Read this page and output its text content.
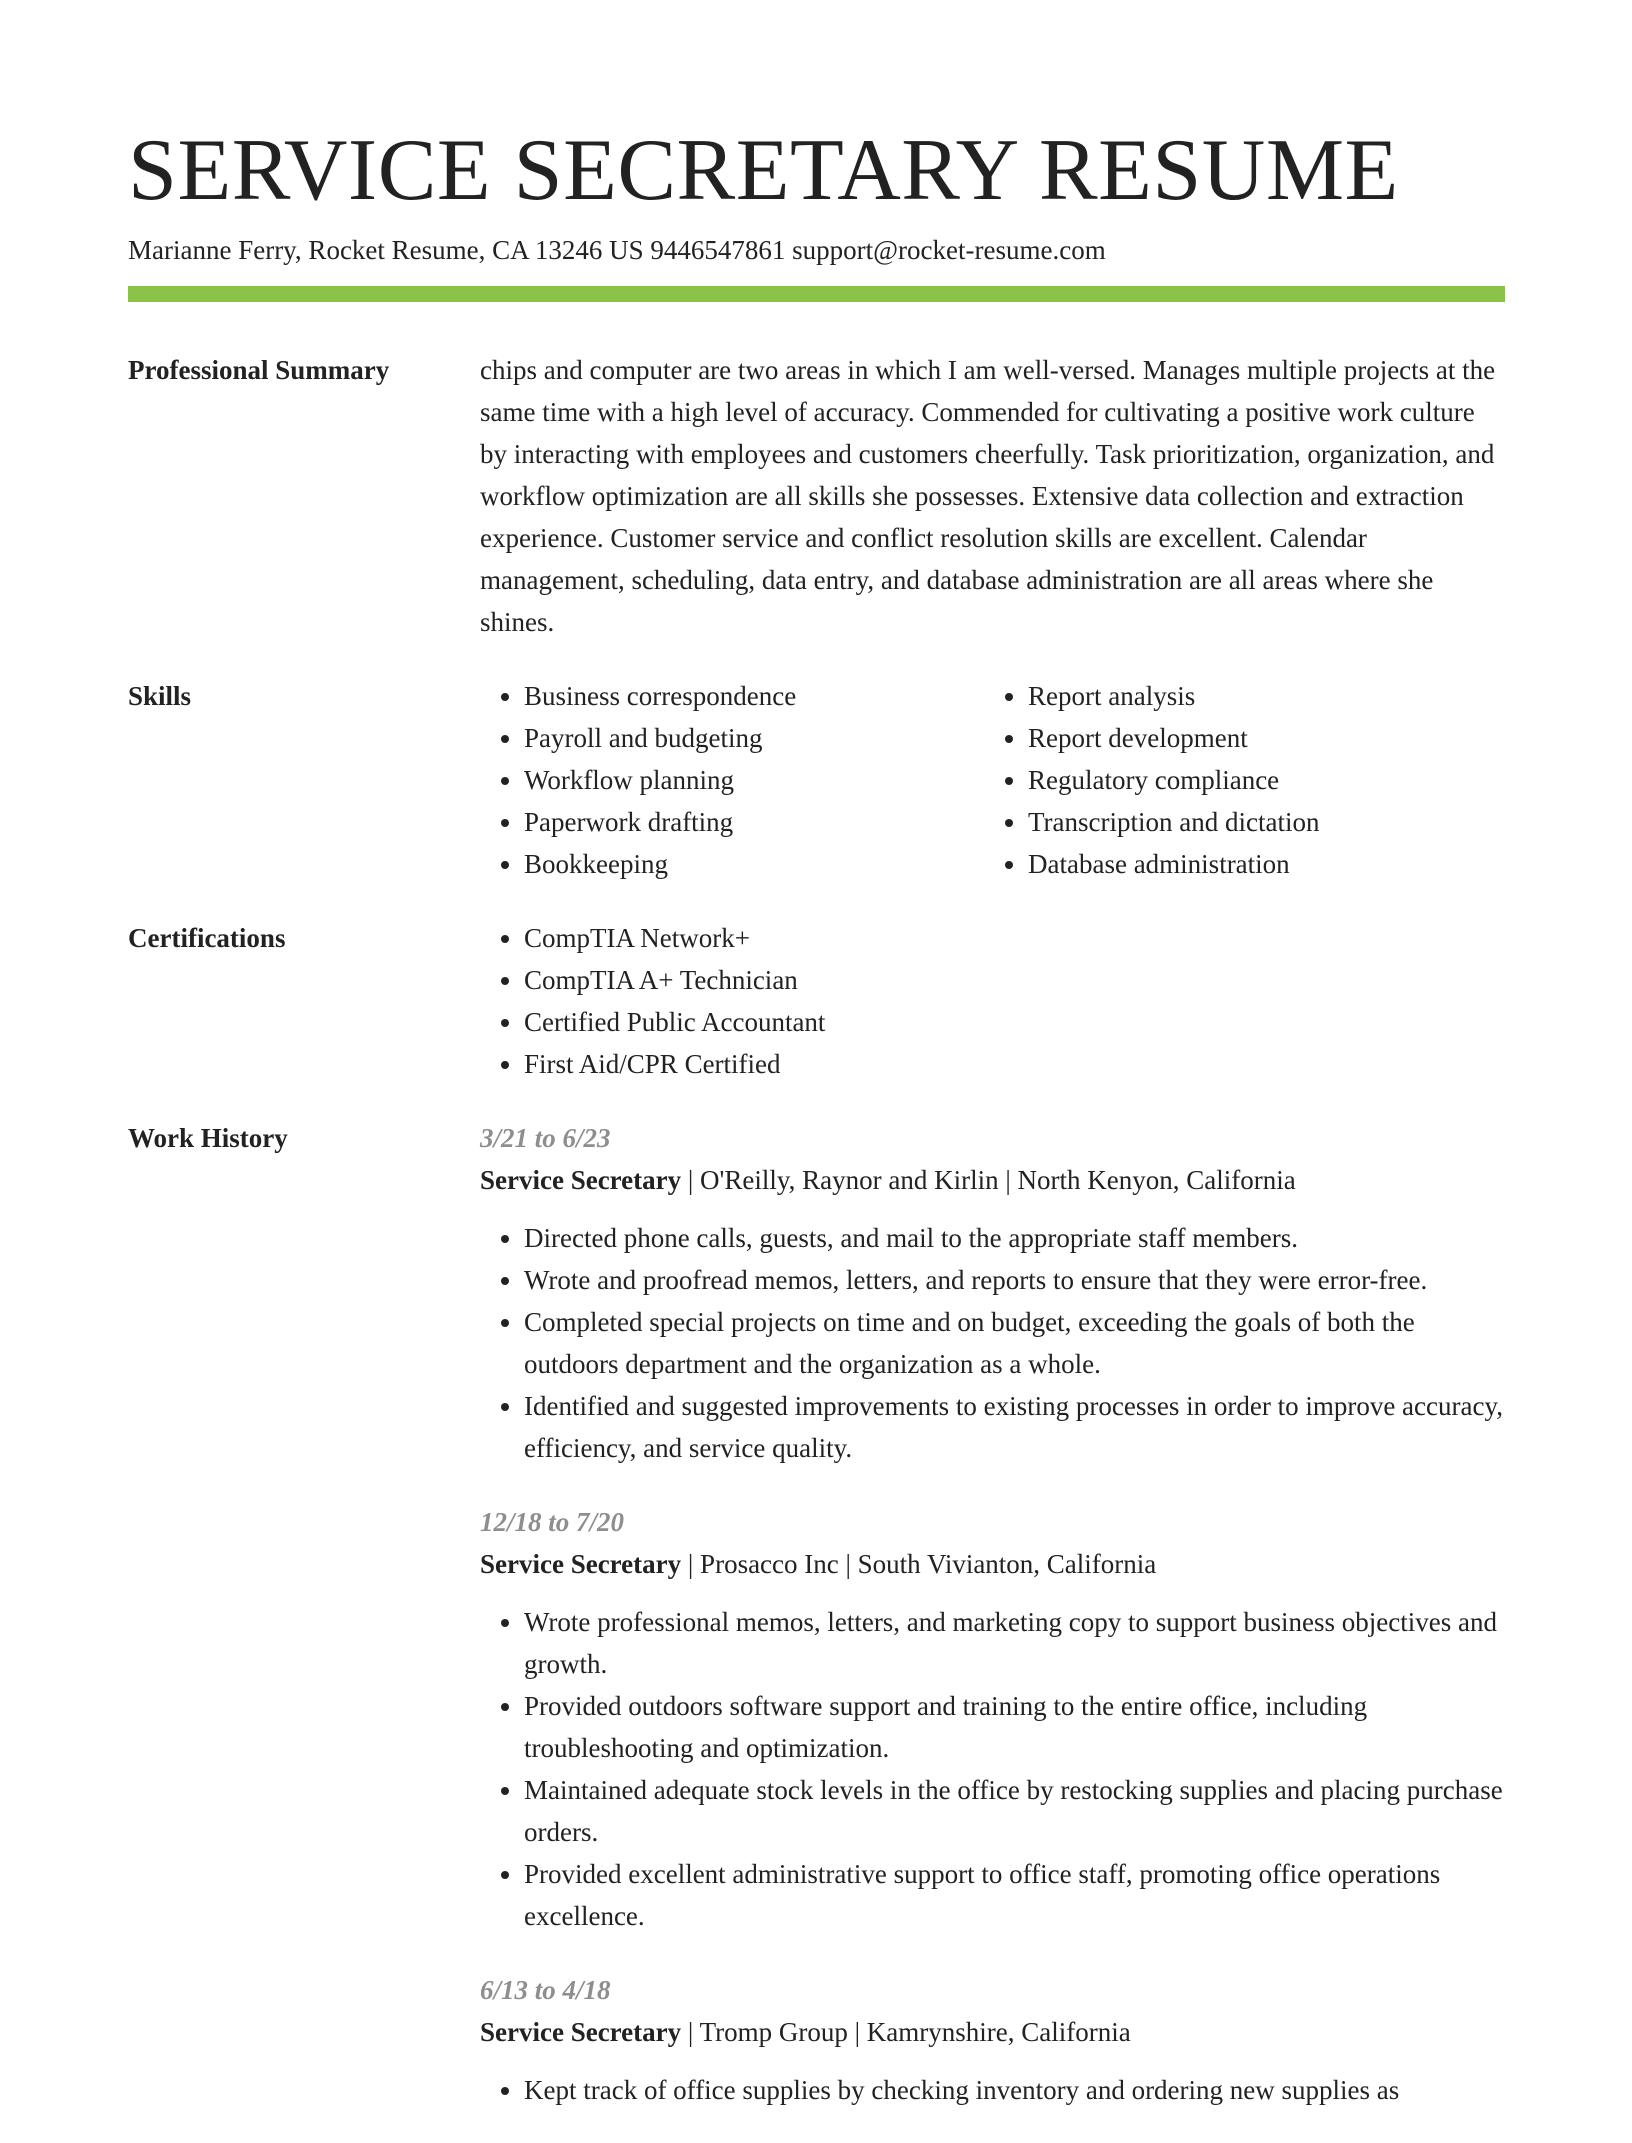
SERVICE SECRETARY RESUME
Marianne Ferry, Rocket Resume, CA 13246 US 9446547861 support@rocket-resume.com
Professional Summary	chips and computer are two areas in which I am well-versed. Manages multiple projects at the same time with a high level of accuracy. Commended for cultivating a positive work culture by interacting with employees and customers cheerfully. Task prioritization, organization, and workflow optimization are all skills she possesses. Extensive data collection and extraction experience. Customer service and conflict resolution skills are excellent. Calendar management, scheduling, data entry, and database administration are all areas where she shines.

Skills	• Business correspondence
• Payroll and budgeting
• Workflow planning
• Paperwork drafting
• Bookkeeping
• Report analysis
• Report development
• Regulatory compliance
• Transcription and dictation
• Database administration
Certifications	• CompTIA Network+
• CompTIA A+ Technician
• Certified Public Accountant
• First Aid/CPR Certified
Work History	3/21 to 6/23
Service Secretary | O'Reilly, Raynor and Kirlin | North Kenyon, California
• Directed phone calls, guests, and mail to the appropriate staff members.
• Wrote and proofread memos, letters, and reports to ensure that they were error-free.
• Completed special projects on time and on budget, exceeding the goals of both the outdoors department and the organization as a whole.
• Identified and suggested improvements to existing processes in order to improve accuracy, efficiency, and service quality.
12/18 to 7/20
Service Secretary | Prosacco Inc | South Vivianton, California
• Wrote professional memos, letters, and marketing copy to support business objectives and growth.
• Provided outdoors software support and training to the entire office, including troubleshooting and optimization.
• Maintained adequate stock levels in the office by restocking supplies and placing purchase orders.
• Provided excellent administrative support to office staff, promoting office operations excellence.
6/13 to 4/18
Service Secretary | Tromp Group | Kamrynshire, California
• Kept track of office supplies by checking inventory and ordering new supplies as
